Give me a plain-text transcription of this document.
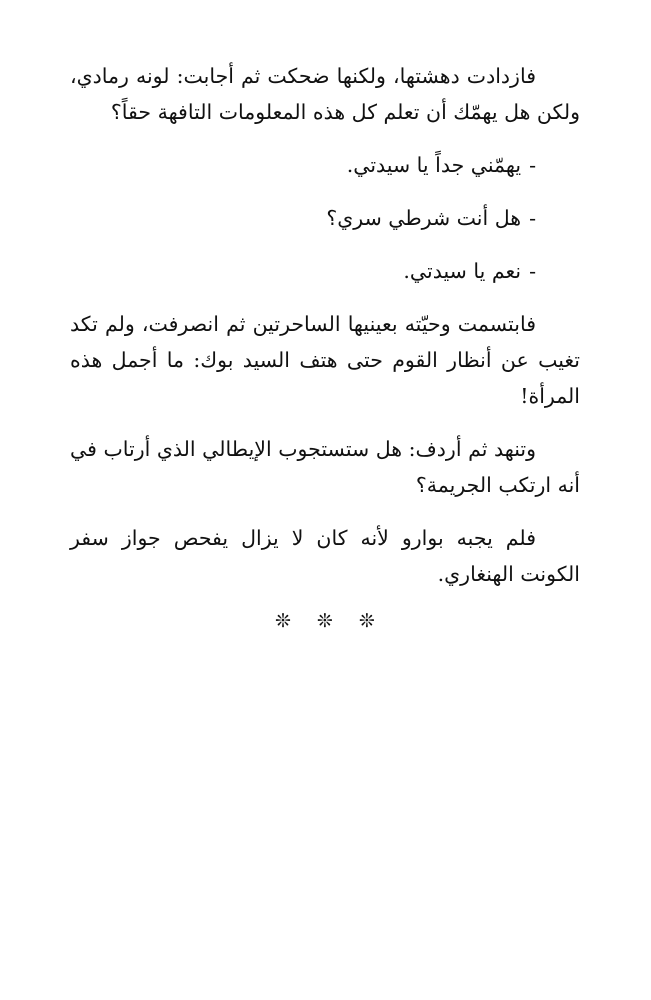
فازدادت دهشتها، ولكنها ضحكت ثم أجابت: لونه رمادي، ولكن هل يهمّك أن تعلم كل هذه المعلومات التافهة حقاً؟

-يهمّني جداً يا سيدتي.

-هل أنت شرطي سري؟

-نعم يا سيدتي.

فابتسمت وحيّته بعينيها الساحرتين ثم انصرفت، ولم تكد تغيب عن أنظار القوم حتى هتف السيد بوك: ما أجمل هذه المرأة!

وتنهد ثم أردف: هل ستستجوب الإيطالي الذي أرتاب في أنه ارتكب الجريمة؟

فلم يجبه بوارو لأنه كان لا يزال يفحص جواز سفر الكونت الهنغاري.

❊
❊
❊
